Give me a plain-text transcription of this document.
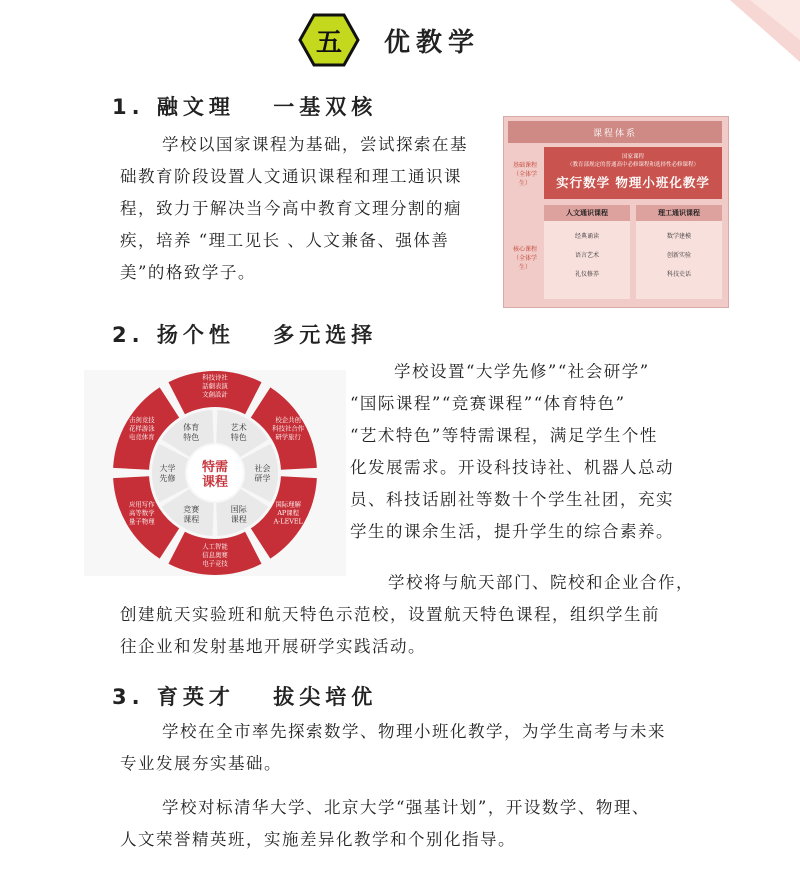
五	优教学
1. 融文理 一基双核
学校以国家课程为基础，尝试探索在基
础教育阶段设置人文通识课程和理工通识课
程，致力于解决当今高中教育文理分割的痼
疾，培养 “理工见长 、人文兼备、强体善
美”的格致学子。
课程体系
基础课程
（全体学生）
国家课程
（教育部规定的普通高中必修课程和选择性必修课程）
实行数学 物理小班化教学
核心课程
（全体学生）
人文通识课程
经典诵读
语言艺术
礼仪修养
理工通识课程
数学建模
创新实验
科技史话
2. 扬个性 多元选择
科技诗社
話劇表演
文創設計
艺术
特色
校企共创
科技社合作
研学旅行
社会
研学
国际理解
AP课程
A-LEVEL
国际
课程
人工智能
信息奥赛
电子竞技
竞赛
课程
应用写作
高等数学
量子物理
大学
先修
击剑竞技
花样游泳
电竞体育
体育
特色
特需
课程
学校设置“大学先修”“社会研学”
“国际课程”“竞赛课程”“体育特色”
“艺术特色”等特需课程，满足学生个性
化发展需求。开设科技诗社、机器人总动
员、科技话剧社等数十个学生社团，充实
学生的课余生活，提升学生的综合素养。
学校将与航天部门、院校和企业合作，
创建航天实验班和航天特色示范校，设置航天特色课程，组织学生前
往企业和发射基地开展研学实践活动。
3. 育英才 拔尖培优
学校在全市率先探索数学、物理小班化教学，为学生高考与未来
专业发展夯实基础。
学校对标清华大学、北京大学“强基计划”，开设数学、物理、
人文荣誉精英班，实施差异化教学和个别化指导。
